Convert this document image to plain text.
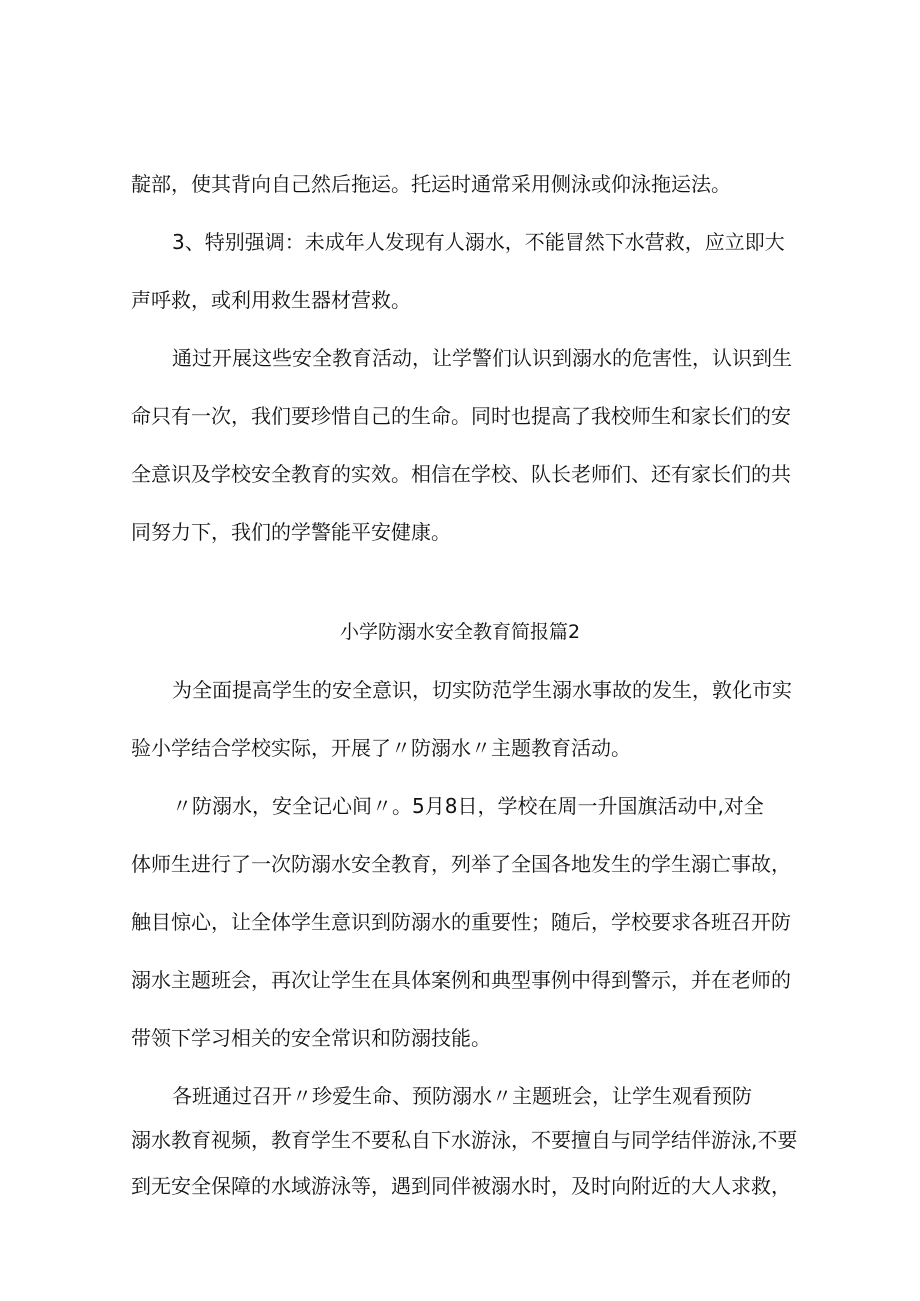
靛部，使其背向自己然后拖运。托运时通常采用侧泳或仰泳拖运法。
3、特别强调：未成年人发现有人溺水，不能冒然下水营救，应立即大
声呼救，或利用救生器材营救。
通过开展这些安全教育活动，让学警们认识到溺水的危害性，认识到生
命只有一次，我们要珍惜自己的生命。同时也提高了我校师生和家长们的安
全意识及学校安全教育的实效。相信在学校、队长老师们、还有家长们的共
同努力下，我们的学警能平安健康。
小学防溺水安全教育简报篇2
为全面提高学生的安全意识，切实防范学生溺水事故的发生，敦化市实
验小学结合学校实际，开展了〃防溺水〃主题教育活动。
〃防溺水，安全记心间〃。5月8日，学校在周一升国旗活动中,对全
体师生进行了一次防溺水安全教育，列举了全国各地发生的学生溺亡事故，
触目惊心，让全体学生意识到防溺水的重要性；随后，学校要求各班召开防
溺水主题班会，再次让学生在具体案例和典型事例中得到警示，并在老师的
带领下学习相关的安全常识和防溺技能。
各班通过召开〃珍爱生命、预防溺水〃主题班会，让学生观看预防
溺水教育视频，教育学生不要私自下水游泳，不要擅自与同学结伴游泳,不要
到无安全保障的水域游泳等，遇到同伴被溺水时，及时向附近的大人求救，
